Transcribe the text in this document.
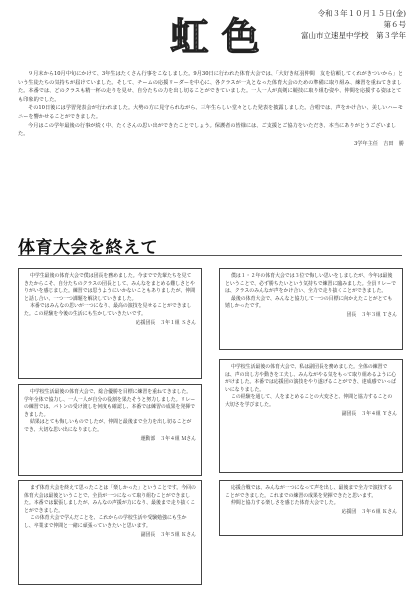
虹 色
令和３年１０月１５日(金)
第６号
富山市立速星中学校　第３学年

９月末から10月中旬にかけて、3年生はたくさん行事をこなしました。9月30日に行われた体育大会では、「大好き紅羽仲間　友を信頼してくれがきついから」という生徒たちの気持ちが届けていました。そして、チームの応援リーダーを中心に、各クラスが一丸となった体育大会のための準備に取り組み、練習を重ねてきました。本番では、どのクラスも精一杯の走りを見せ、自分たちの力を出し切ることができていました。一人一人が真剣に競技に取り組む姿や、仲間を応援する姿はとても印象的でした。

その10日後には学習発表会が行われました。大勢の方に見守られながら、三年生らしい堂々とした発表を披露しました。合唱では、声をかけ合い、美しいハーモニーを響かせることができました。

今月はこの学年最後の行事が続く中、たくさんの思い出ができたことでしょう。保護者の皆様には、ご支援とご協力をいただき、本当にありがとうございました。

3学年主任　吉田　勝
体育大会を終えて

中学生最後の体育大会で僕は団長を務めました。今までで先輩たちを見てきたからこそ、自分たちのクラスの団長として、みんなをまとめる難しさとやりがいを感じました。練習では思うようにいかないこともありましたが、仲間と話し合い、一つ一つ課題を解決していきました。

本番ではみんなの思いが一つになり、最高の演技を見せることができました。この経験を今後の生活にも生かしていきたいです。

応援団長　３年１組 Ｓさん

中学校生活最後の体育大会で、総合優勝を目標に練習を重ねてきました。学年全体で協力し、一人一人が自分の役割を果たそうと努力しました。リレーの練習では、バトンの受け渡しを何度も確認し、本番では練習の成果を発揮できました。

結果はとても悔しいものでしたが、仲間と最後まで全力を出し切ることができ、大切な思い出になりました。

運動部　３年４組 Ｍさん

まず体育大会を終えて思ったことは「楽しかった」ということです。今回の体育大会は最後ということで、全員が一つになって取り組むことができました。本番では緊張しましたが、みんなの声援が力になり、最後まで走り抜くことができました。

この体育大会で学んだことを、これからの学校生活や受験勉強にも生かし、卒業まで仲間と一緒に頑張っていきたいと思います。

副団長　３年５組 Ｋさん

僕は１・２年の体育大会では３位で悔しい思いをしましたが、今年は最後ということで、必ず勝ちたいという気持ちで練習に臨みました。全員リレーでは、クラスのみんなが声をかけ合い、全力で走り抜くことができました。

最後の体育大会で、みんなと協力して一つの目標に向かえたことがとても嬉しかったです。

団長　３年３組 Ｔさん

中学校生活最後の体育大会で、私は副団長を務めました。全体の練習では、声の出し方や動きを工夫し、みんながやる気をもって取り組めるように心がけました。本番では応援団の演技をやり遂げることができ、達成感でいっぱいになりました。

この経験を通して、人をまとめることの大変さと、仲間と協力することの大切さを学びました。

副団長　３年４組 Ｙさん

応援合戦では、みんなが一つになって声を出し、最後まで全力で演技することができました。これまでの練習の成果を発揮できたと思います。

仲間と協力する楽しさを感じた体育大会でした。

応援団　３年６組 Ｋさん
